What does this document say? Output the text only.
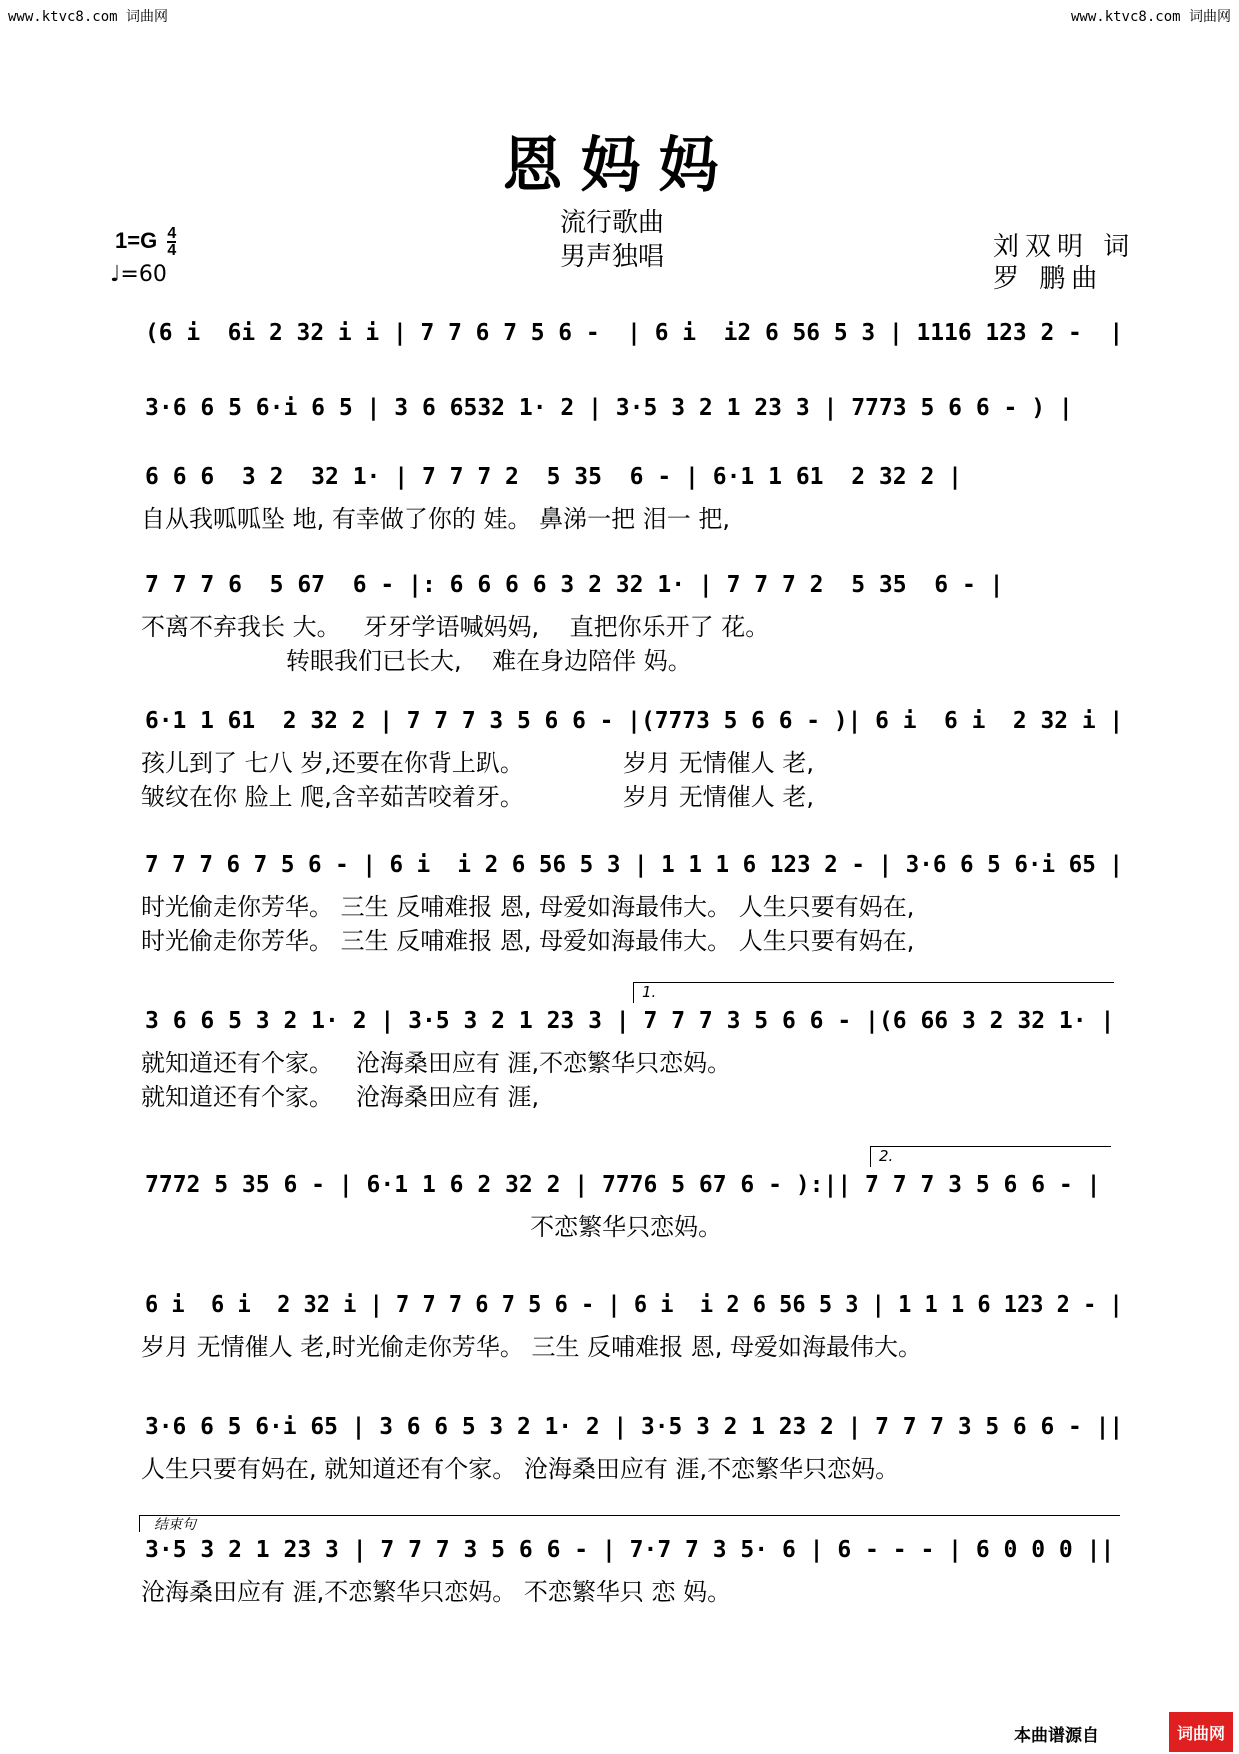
www.ktvc8.com 词曲网	www.ktvc8.com 词曲网
恩妈妈
流行歌曲
男声独唱
$1=G \frac{4}{4}$
♩=60
刘双明 词
罗 鹏曲
(6 i  6i 2 32 i i | 7 7 6 7 5 6 -  | 6 i  i2 6 56 5 3 | 1116 123 2 -  |
3·6 6 5 6·i 6 5 | 3 6 6532 1· 2 | 3·5 3 2 1 23 3 | 7773 5 6 6 - ) |
6 6 6  3 2  32 1· | 7 7 7 2  5 35  6 - | 6·1 1 61  2 32 2 |
自从我呱呱坠 地, 有幸做了你的 娃。 鼻涕一把 泪一 把,
7 7 7 6  5 67  6 - |: 6 6 6 6 3 2 32 1· | 7 7 7 2  5 35  6 - |
不离不弃我长 大。   牙牙学语喊妈妈,    直把你乐开了 花。
转眼我们已长大,    难在身边陪伴 妈。
6·1 1 61  2 32 2 | 7 7 7 3 5 6 6 - |(7773 5 6 6 - )| 6 i  6 i  2 32 i |
孩儿到了 七八 岁,还要在你背上趴。             岁月 无情催人 老,
皱纹在你 脸上 爬,含辛茹苦咬着牙。             岁月 无情催人 老,
7 7 7 6 7 5 6 - | 6 i  i 2 6 56 5 3 | 1 1 1 6 123 2 - | 3·6 6 5 6·i 65 |
时光偷走你芳华。 三生 反哺难报 恩, 母爱如海最伟大。 人生只要有妈在,
时光偷走你芳华。 三生 反哺难报 恩, 母爱如海最伟大。 人生只要有妈在,
1.
3 6 6 5 3 2 1· 2 | 3·5 3 2 1 23 3 | 7 7 7 3 5 6 6 - |(6 66 3 2 32 1· |
就知道还有个家。   沧海桑田应有 涯,不恋繁华只恋妈。
就知道还有个家。   沧海桑田应有 涯,
2.
7772 5 35 6 - | 6·1 1 6 2 32 2 | 7776 5 67 6 - ):|| 7 7 7 3 5 6 6 - |
不恋繁华只恋妈。
6 i  6 i  2 32 i | 7 7 7 6 7 5 6 - | 6 i  i 2 6 56 5 3 | 1 1 1 6 123 2 - |
岁月 无情催人 老,时光偷走你芳华。 三生 反哺难报 恩, 母爱如海最伟大。
3·6 6 5 6·i 65 | 3 6 6 5 3 2 1· 2 | 3·5 3 2 1 23 2 | 7 7 7 3 5 6 6 - ||
人生只要有妈在, 就知道还有个家。 沧海桑田应有 涯,不恋繁华只恋妈。
结束句
3·5 3 2 1 23 3 | 7 7 7 3 5 6 6 - | 7·7 7 3 5· 6 | 6 - - - | 6 0 0 0 ||
沧海桑田应有 涯,不恋繁华只恋妈。 不恋繁华只 恋 妈。
本曲谱源自	词曲网
